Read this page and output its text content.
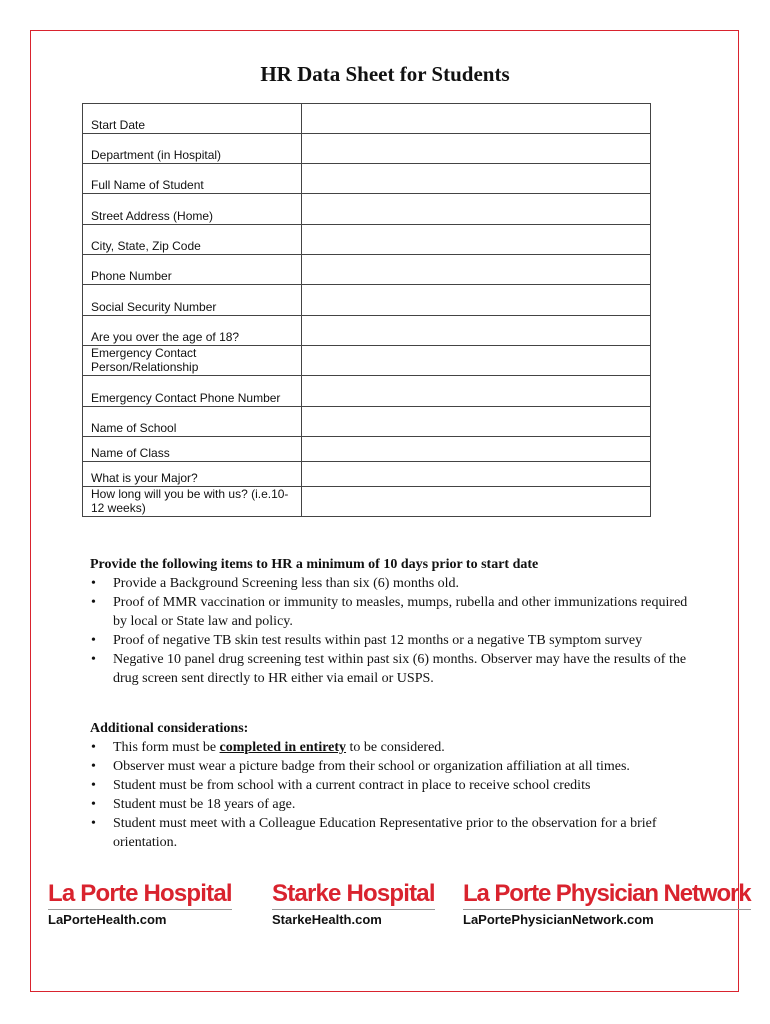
HR Data Sheet for Students
Start Date	
Department (in Hospital)	
Full Name of Student	
Street Address (Home)	
City, State, Zip Code	
Phone Number	
Social Security Number	
Are you over the age of 18?	
Emergency Contact Person/Relationship	
Emergency Contact Phone Number	
Name of School	
Name of Class	
What is your Major?	
How long will you be with us? (i.e.10-12 weeks)	
Provide the following items to HR a minimum of 10 days prior to start date
• Provide a Background Screening less than six (6) months old.
• Proof of MMR vaccination or immunity to measles, mumps, rubella and other immunizations required by local or State law and policy.
• Proof of negative TB skin test results within past 12 months or a negative TB symptom survey
• Negative 10 panel drug screening test within past six (6) months. Observer may have the results of the drug screen sent directly to HR either via email or USPS.
Additional considerations:
• This form must be completed in entirety to be considered.
• Observer must wear a picture badge from their school or organization affiliation at all times.
• Student must be from school with a current contract in place to receive school credits
• Student must be 18 years of age.
• Student must meet with a Colleague Education Representative prior to the observation for a brief orientation.
La Porte Hospital
LaPorteHealth.com
Starke Hospital
StarkeHealth.com
La Porte Physician Network
LaPortePhysicianNetwork.com
